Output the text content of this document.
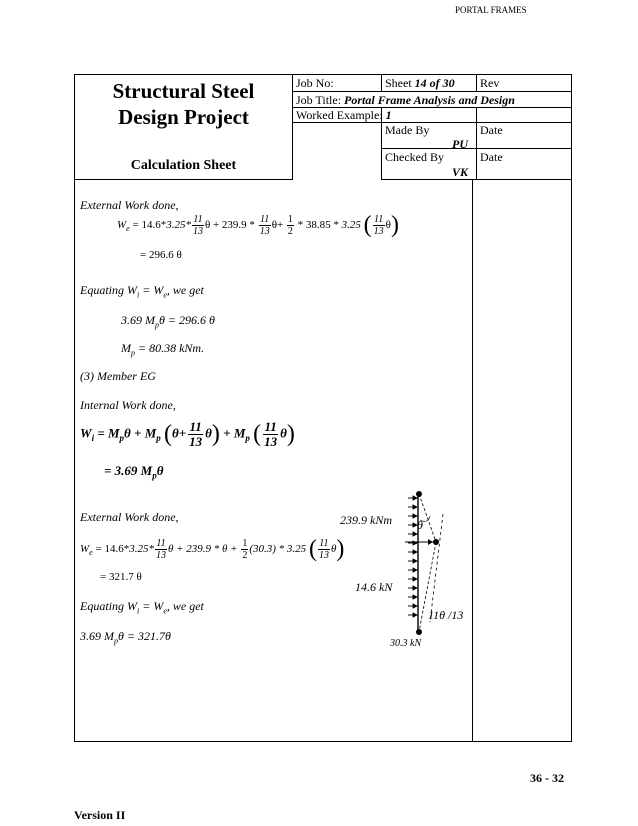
PORTAL FRAMES
Structural Steel
Design Project
Calculation Sheet
Job No:	Sheet 14 of 30 Rev
Job Title: Portal Frame Analysis and Design
Worked Example: 1
Made By
PU
Date
Checked By
VK
Date
External Work done,
$W_e = 14.6*3.25* \frac{11}{13}$ $\theta + 239.9 * \frac{11}{13} \theta+ \frac{1}{2} * 38.85 * 3.25$ ( $\frac{11}{13} \theta$)
= 296.6 θ
Equating $W_i = W_e$, we get
3.69 $M_p\theta = 296.6$ θ
$M_p = 80.38$ kNm.
(3) Member EG
Internal Work done,
$W_i = M_p\theta + M_p$ $(\theta+ \frac{11}{13} \theta) + M_p$ ( $\frac{11}{13} \theta$)
= 3.69 $M_p\theta$
External Work done,
$W_e = 14.6*3.25* \frac{11}{13}$ $\theta + 239.9 * \theta + \frac{1}{2} (30.3) * 3.25$ ( $\frac{11}{13} \theta$)
= 321.7 θ
Equating $W_i = W_e$, we get
3.69 $M_p\theta = 321.7\theta$
239.9 kNm θ
14.6 kN
11θ /13
30.3 kN
36 - 32
Version II
